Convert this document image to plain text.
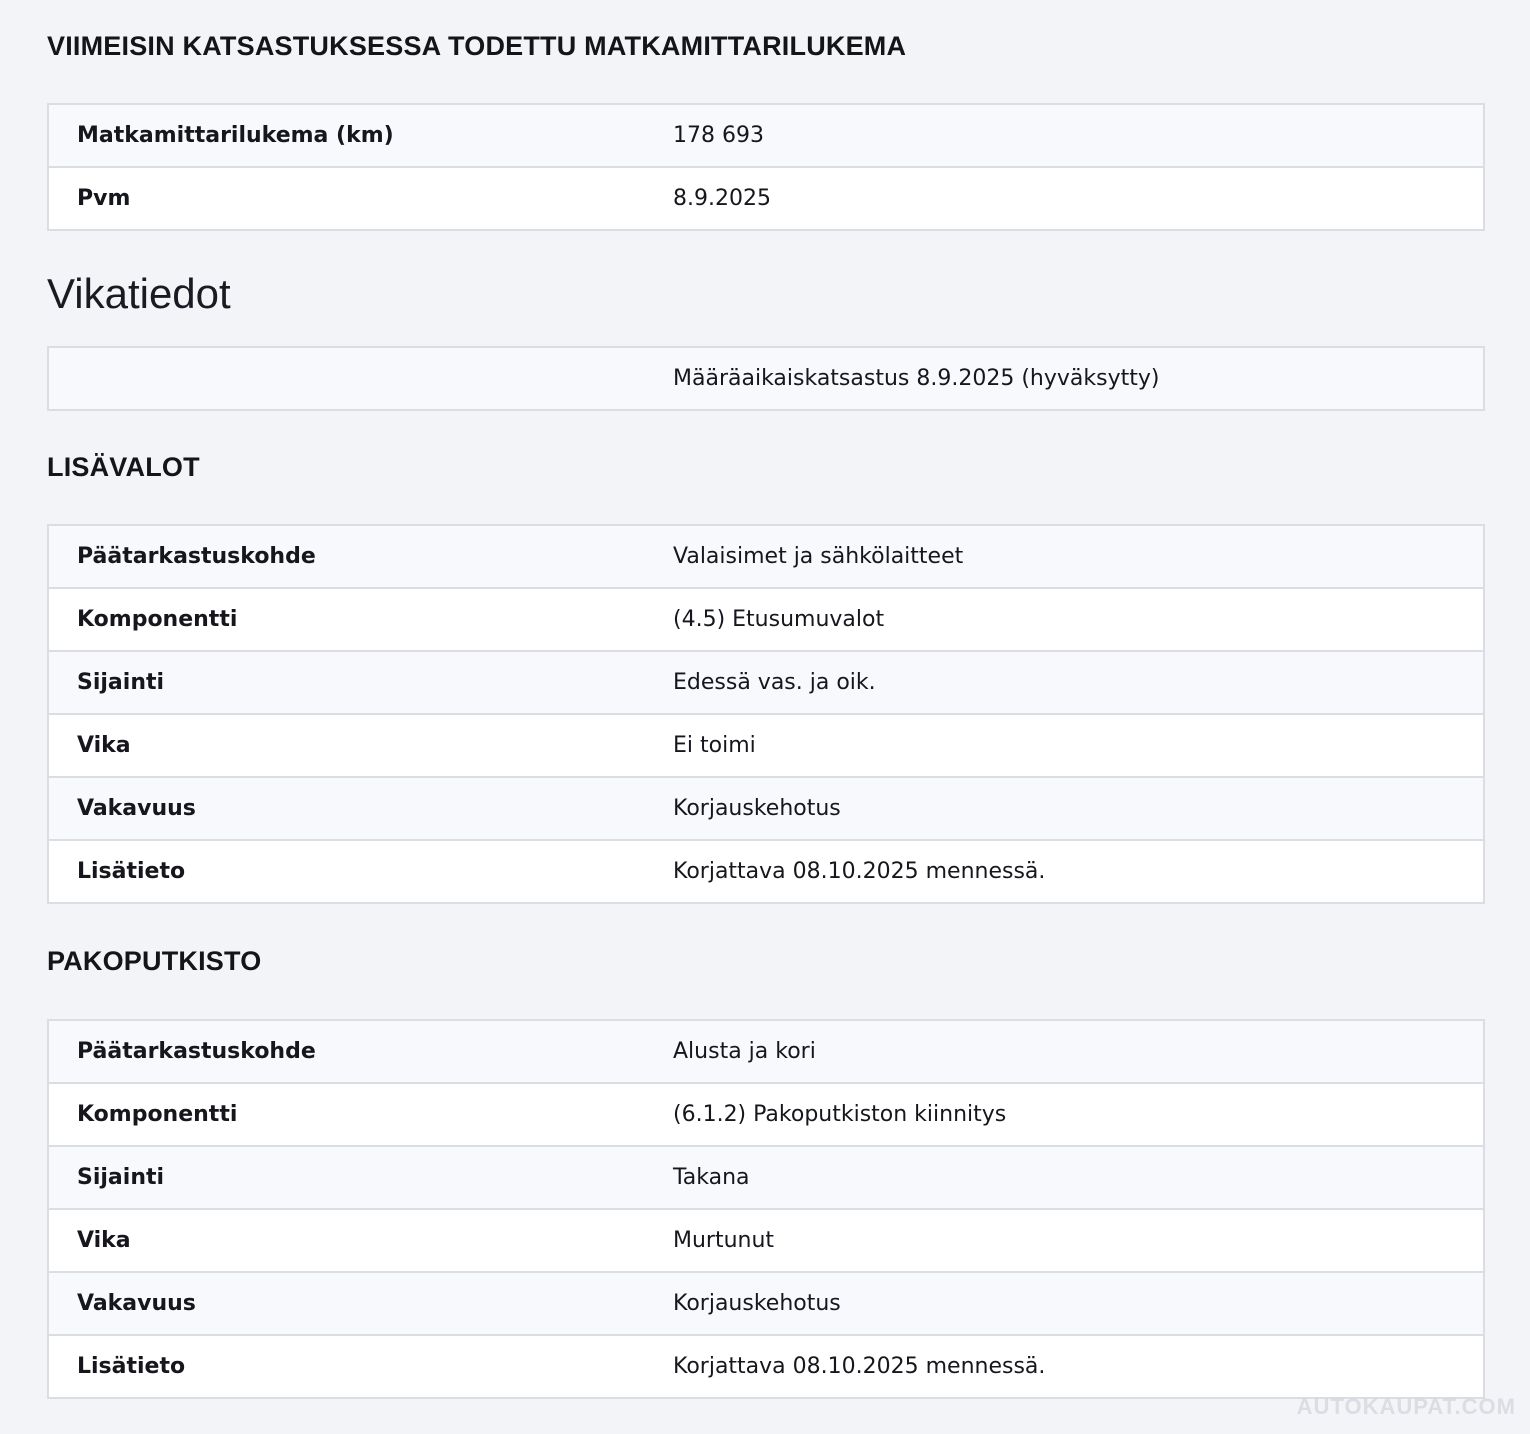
VIIMEISIN KATSASTUKSESSA TODETTU MATKAMITTARILUKEMA
Matkamittarilukema (km)	178 693
Pvm	8.9.2025
Vikatiedot
	Määräaikaiskatsastus 8.9.2025 (hyväksytty)
LISÄVALOT
Päätarkastuskohde	Valaisimet ja sähkölaitteet
Komponentti	(4.5) Etusumuvalot
Sijainti	Edessä vas. ja oik.
Vika	Ei toimi
Vakavuus	Korjauskehotus
Lisätieto	Korjattava 08.10.2025 mennessä.
PAKOPUTKISTO
Päätarkastuskohde	Alusta ja kori
Komponentti	(6.1.2) Pakoputkiston kiinnitys
Sijainti	Takana
Vika	Murtunut
Vakavuus	Korjauskehotus
Lisätieto	Korjattava 08.10.2025 mennessä.
AUTOKAUPAT.COM
